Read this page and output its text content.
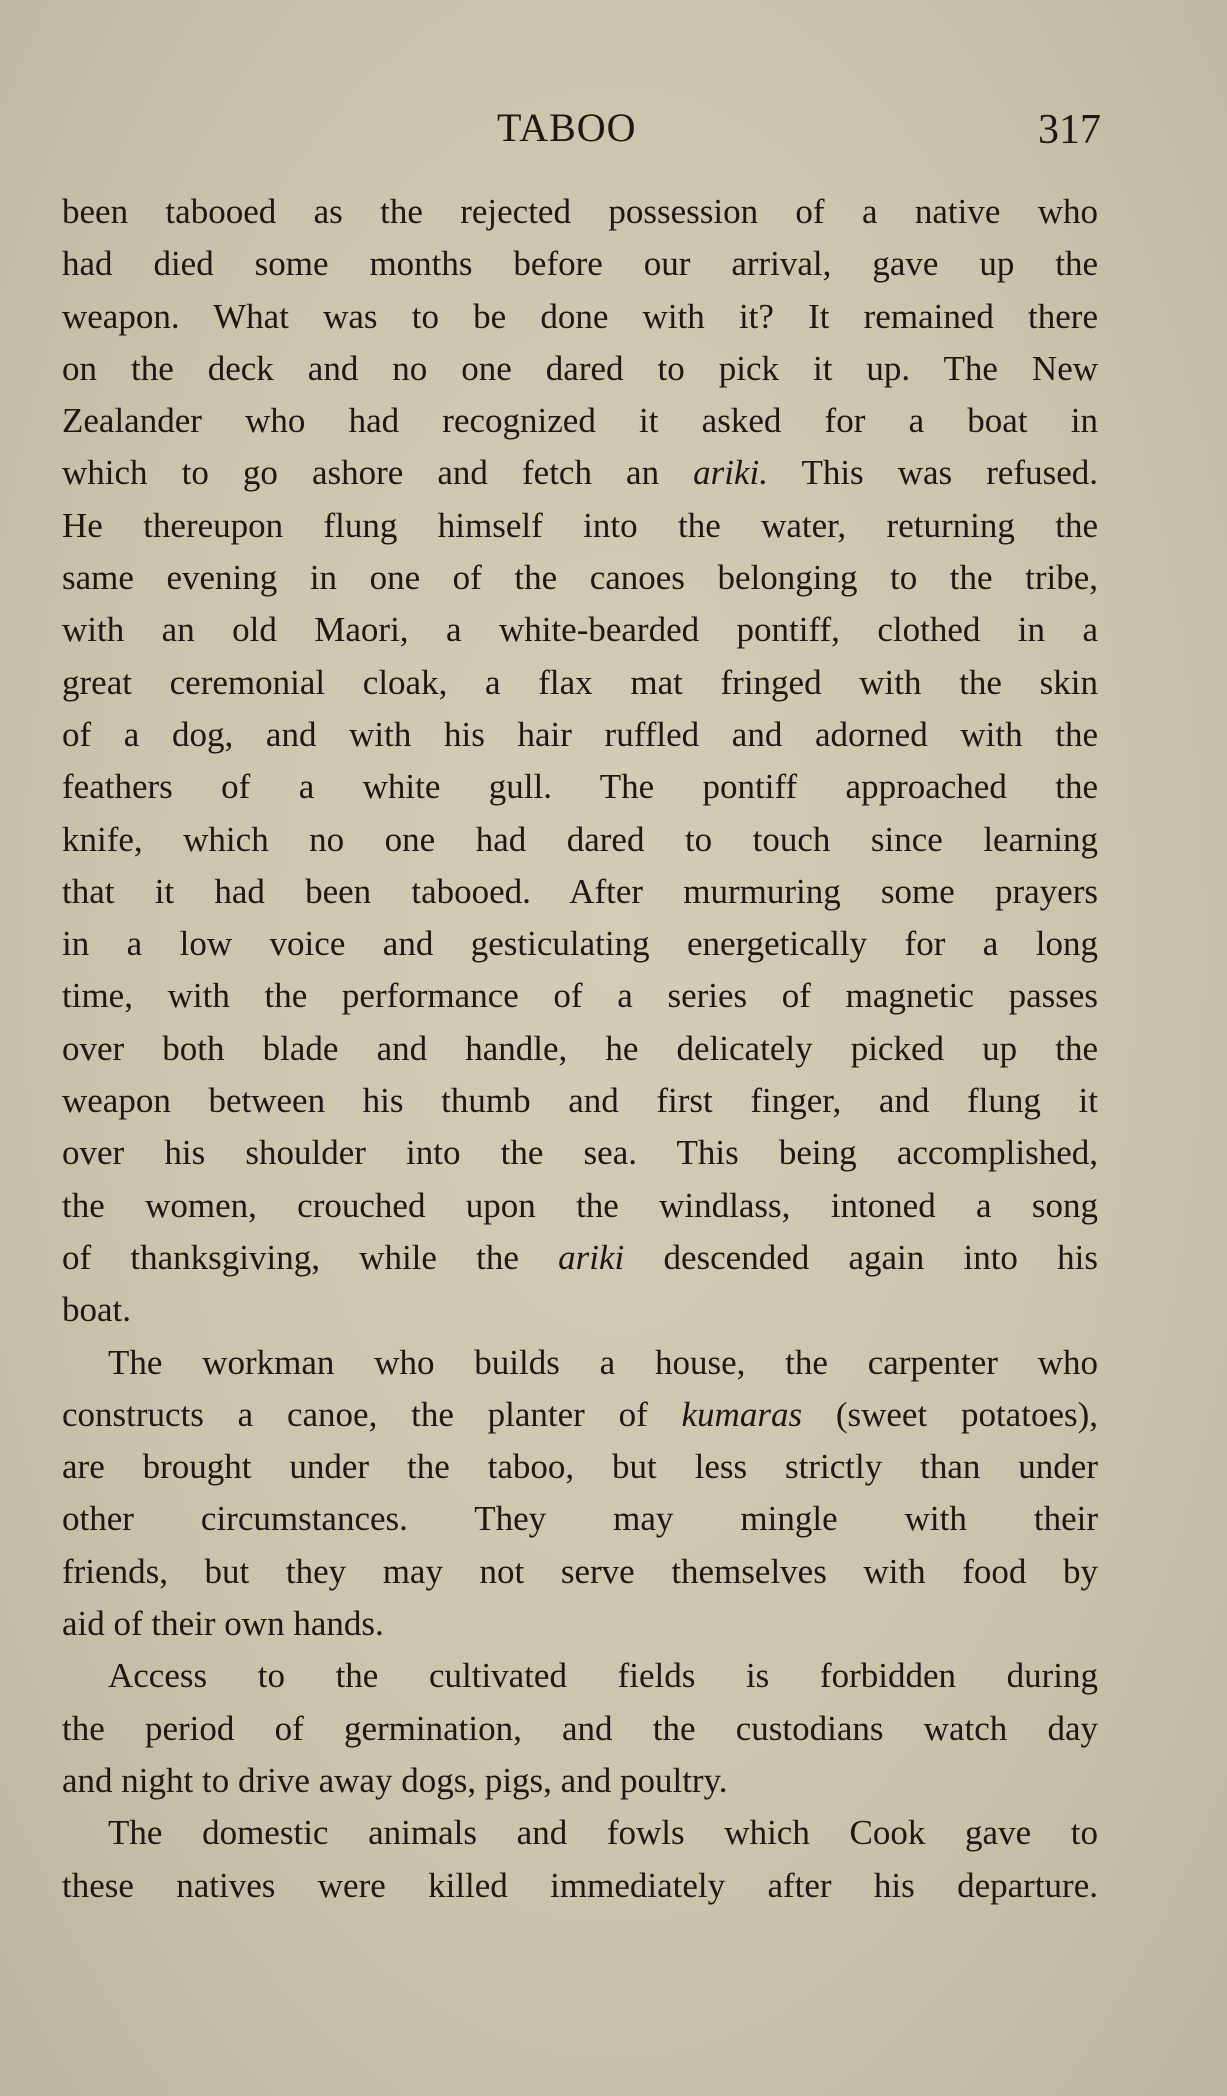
TABOO	317
been tabooed as the rejected possession of a native who
had died some months before our arrival, gave up the
weapon. What was to be done with it? It remained there
on the deck and no one dared to pick it up. The New
Zealander who had recognized it asked for a boat in
which to go ashore and fetch an ariki. This was refused.
He thereupon flung himself into the water, returning the
same evening in one of the canoes belonging to the tribe,
with an old Maori, a white-bearded pontiff, clothed in a
great ceremonial cloak, a flax mat fringed with the skin
of a dog, and with his hair ruffled and adorned with the
feathers of a white gull. The pontiff approached the
knife, which no one had dared to touch since learning
that it had been tabooed. After murmuring some prayers
in a low voice and gesticulating energetically for a long
time, with the performance of a series of magnetic passes
over both blade and handle, he delicately picked up the
weapon between his thumb and first finger, and flung it
over his shoulder into the sea. This being accomplished,
the women, crouched upon the windlass, intoned a song
of thanksgiving, while the ariki descended again into his
boat.
The workman who builds a house, the carpenter who
constructs a canoe, the planter of kumaras (sweet potatoes),
are brought under the taboo, but less strictly than under
other circumstances. They may mingle with their
friends, but they may not serve themselves with food by
aid of their own hands.
Access to the cultivated fields is forbidden during
the period of germination, and the custodians watch day
and night to drive away dogs, pigs, and poultry.
The domestic animals and fowls which Cook gave to
these natives were killed immediately after his departure.
